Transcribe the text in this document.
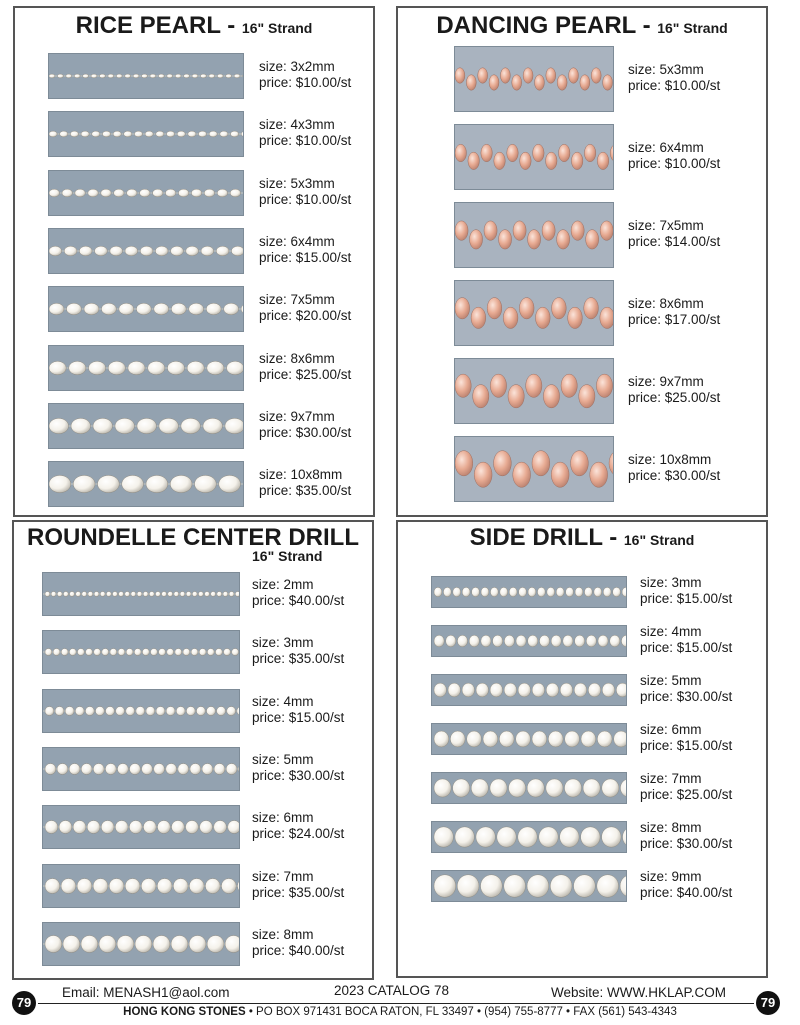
RICE PEARL - 16" Strand
size: 3x2mm
price: $10.00/st
size: 4x3mm
price: $10.00/st
size: 5x3mm
price: $10.00/st
size: 6x4mm
price: $15.00/st
size: 7x5mm
price: $20.00/st
size: 8x6mm
price: $25.00/st
size: 9x7mm
price: $30.00/st
size: 10x8mm
price: $35.00/st
DANCING PEARL - 16" Strand
size: 5x3mm
price: $10.00/st
size: 6x4mm
price: $10.00/st
size: 7x5mm
price: $14.00/st
size: 8x6mm
price: $17.00/st
size: 9x7mm
price: $25.00/st
size: 10x8mm
price: $30.00/st
ROUNDELLE CENTER DRILL
16" Strand
size: 2mm
price: $40.00/st
size: 3mm
price: $35.00/st
size: 4mm
price: $15.00/st
size: 5mm
price: $30.00/st
size: 6mm
price: $24.00/st
size: 7mm
price: $35.00/st
size: 8mm
price: $40.00/st
SIDE DRILL - 16" Strand
size: 3mm
price: $15.00/st
size: 4mm
price: $15.00/st
size: 5mm
price: $30.00/st
size: 6mm
price: $15.00/st
size: 7mm
price: $25.00/st
size: 8mm
price: $30.00/st
size: 9mm
price: $40.00/st
79	79
Email: MENASH1@aol.com	2023 CATALOG 78	Website: WWW.HKLAP.COM
HONG KONG STONES • PO BOX 971431 BOCA RATON, FL 33497 • (954) 755-8777 • FAX (561) 543-4343
